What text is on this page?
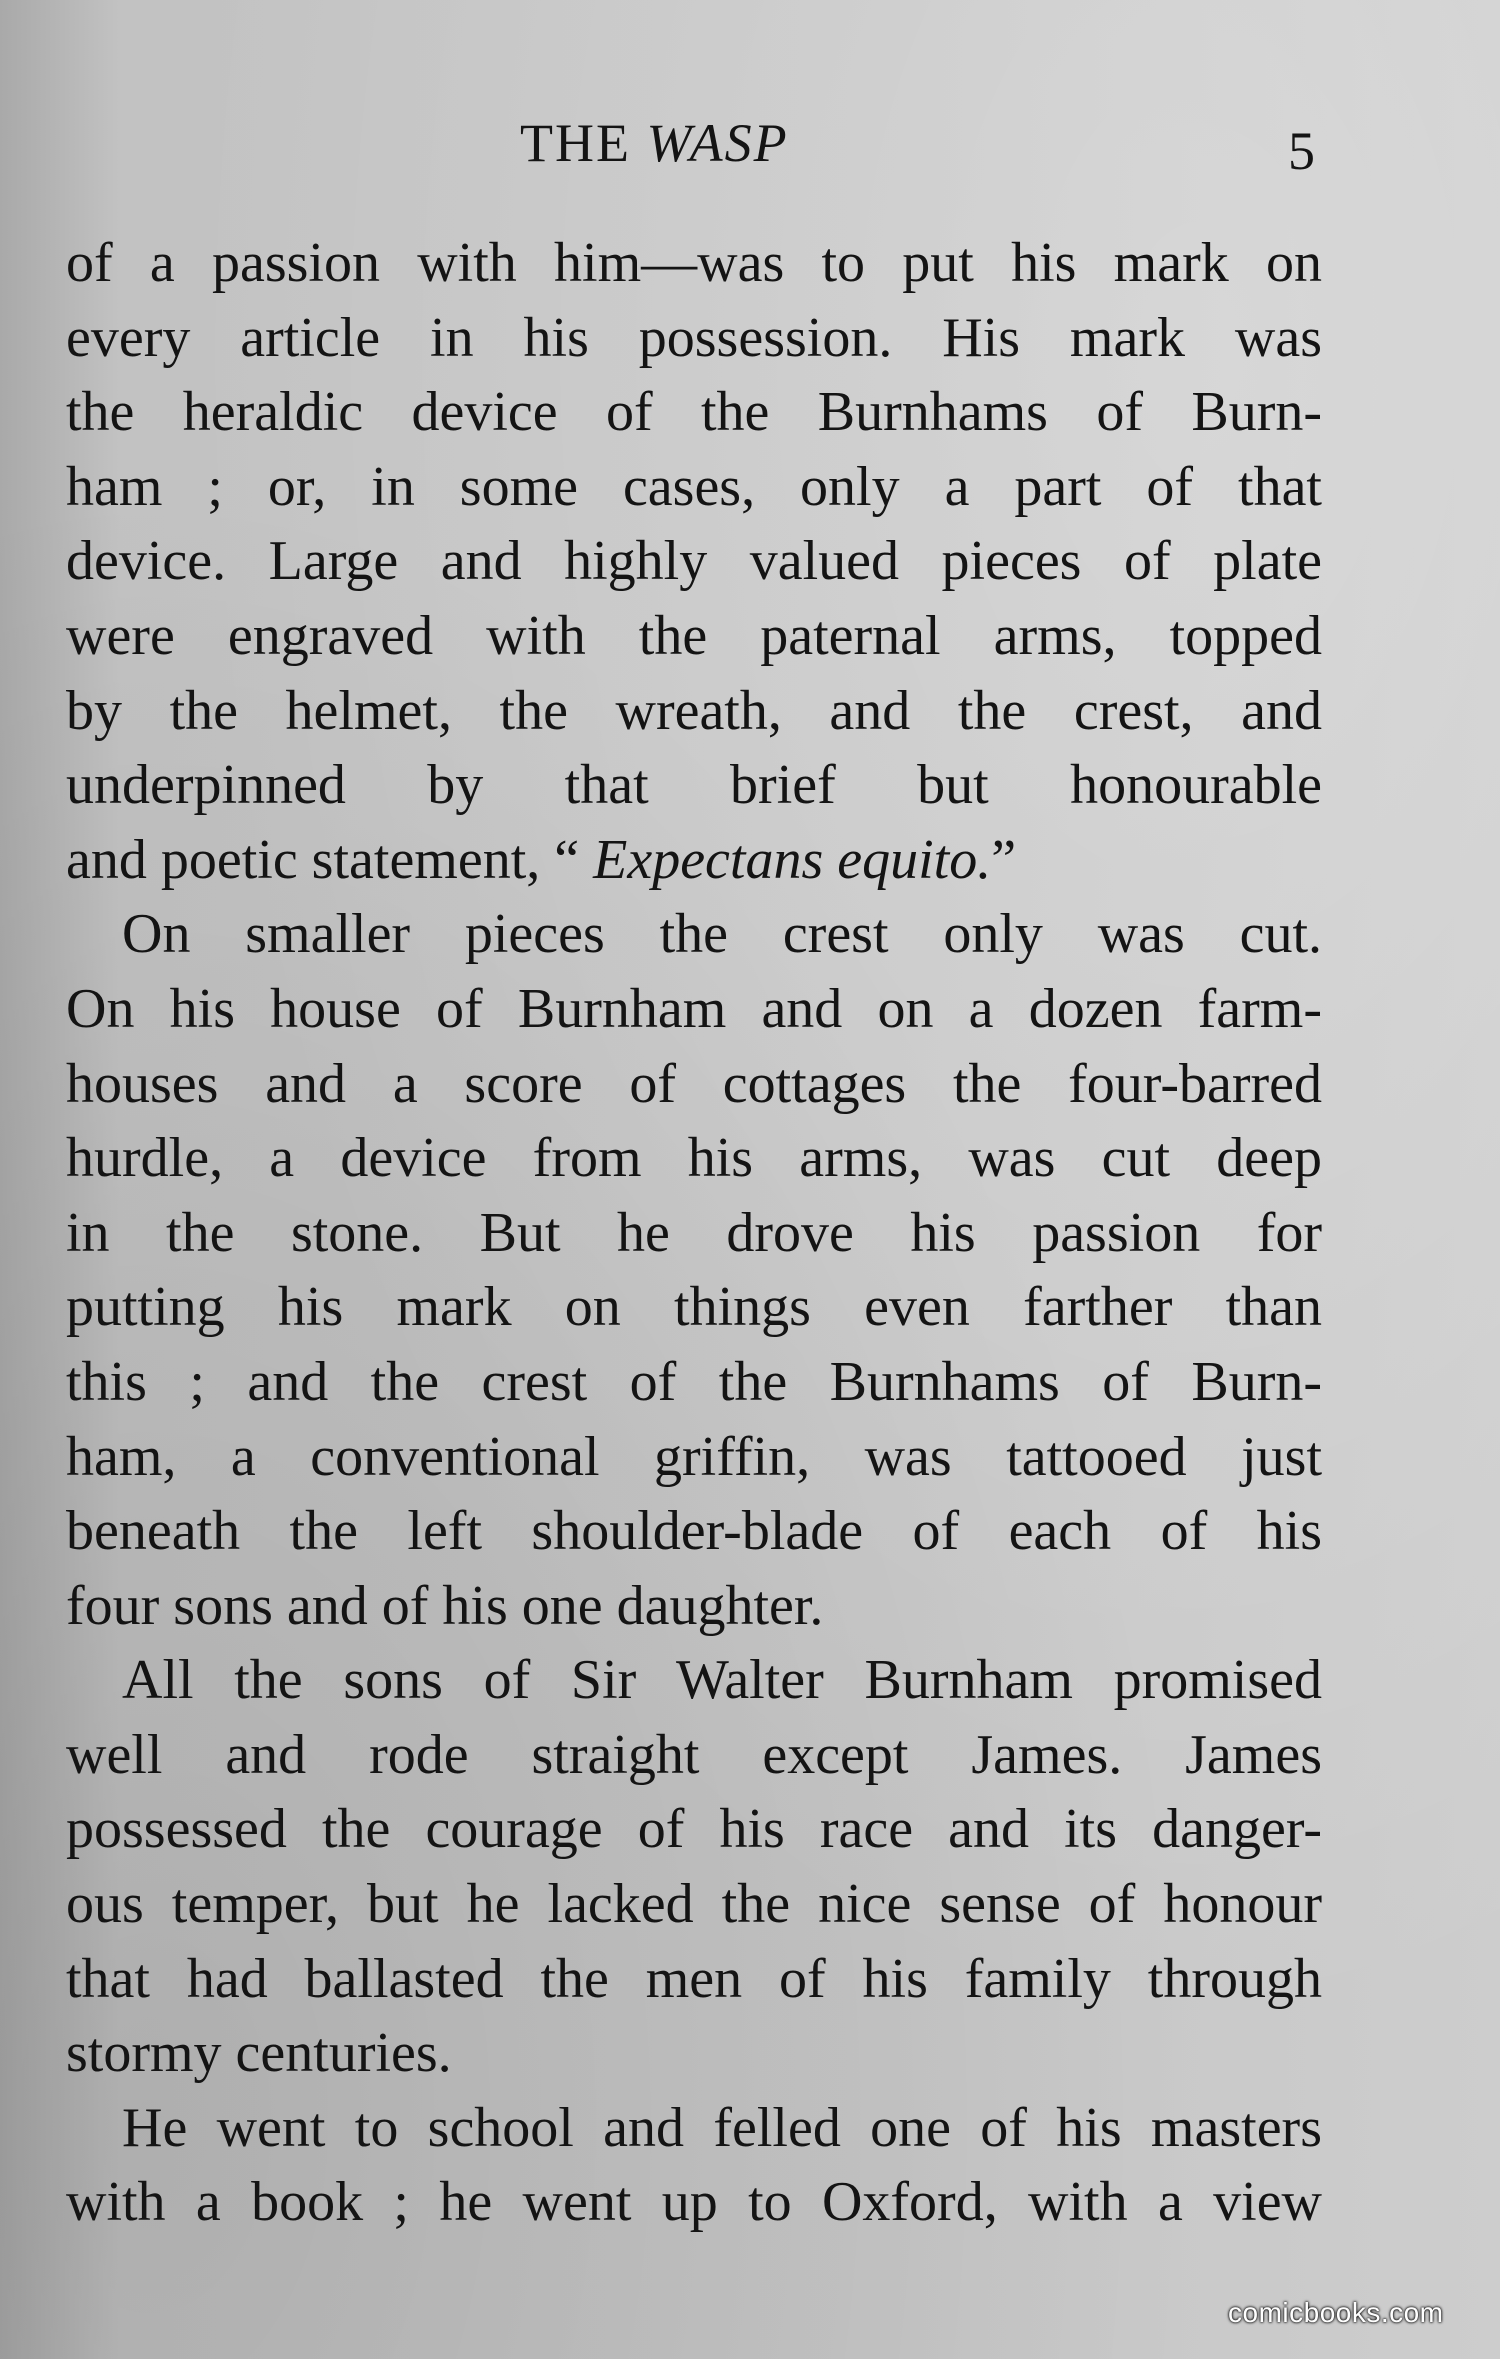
THE WASP	5
of a passion with him—was to put his mark on
every article in his possession. His mark was
the heraldic device of the Burnhams of Burn-
ham ; or, in some cases, only a part of that
device. Large and highly valued pieces of plate
were engraved with the paternal arms, topped
by the helmet, the wreath, and the crest, and
underpinned by that brief but honourable
and poetic statement, “ Expectans equito.”
On smaller pieces the crest only was cut.
On his house of Burnham and on a dozen farm-
houses and a score of cottages the four-barred
hurdle, a device from his arms, was cut deep
in the stone. But he drove his passion for
putting his mark on things even farther than
this ; and the crest of the Burnhams of Burn-
ham, a conventional griffin, was tattooed just
beneath the left shoulder-blade of each of his
four sons and of his one daughter.
All the sons of Sir Walter Burnham promised
well and rode straight except James. James
possessed the courage of his race and its danger-
ous temper, but he lacked the nice sense of honour
that had ballasted the men of his family through
stormy centuries.
He went to school and felled one of his masters
with a book ; he went up to Oxford, with a view
comicbooks.com
